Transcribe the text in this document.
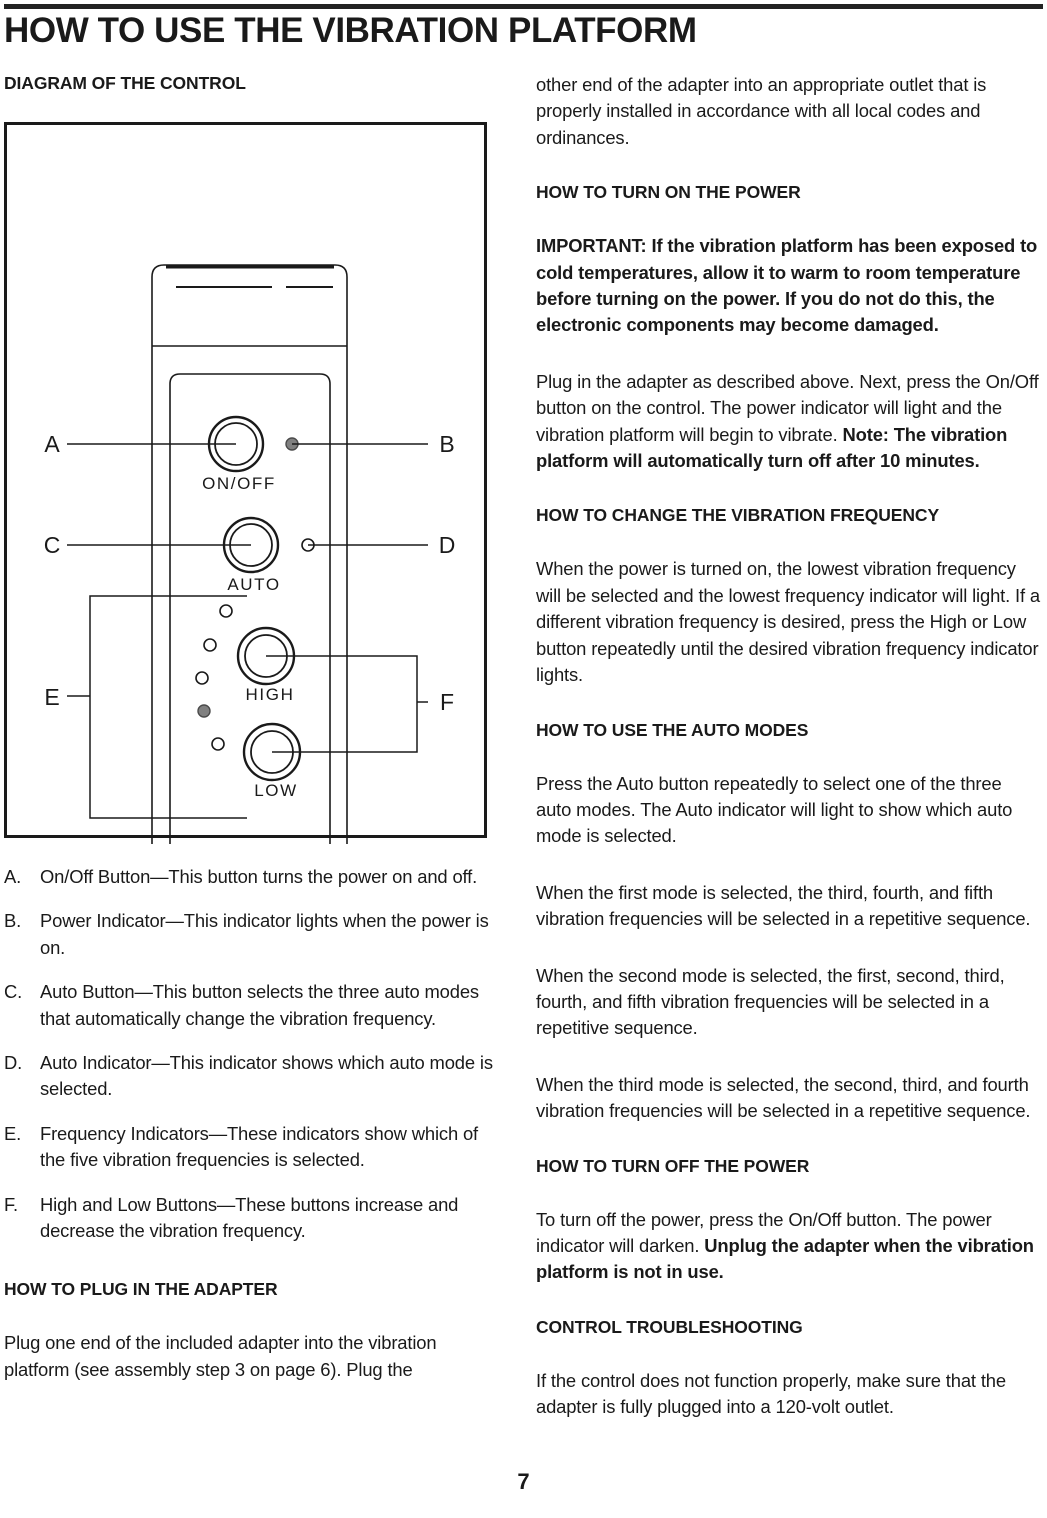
HOW TO USE THE VIBRATION PLATFORM
DIAGRAM OF THE CONTROL
ON/OFF
AUTO
HIGH
LOW
A	B
C	D
E	F
A.	On/Off Button—This button turns the power on and off.
B.	Power Indicator—This indicator lights when the power is on.
C. Auto Button—This button selects the three auto modes that automatically change the vibration frequency.
D. Auto Indicator—This indicator shows which auto mode is selected.
E.	Frequency Indicators—These indicators show which of the five vibration frequencies is selected.
F.	High and Low Buttons—These buttons increase and decrease the vibration frequency.
HOW TO PLUG IN THE ADAPTER
Plug one end of the included adapter into the vibration platform (see assembly step 3 on page 6). Plug the
other end of the adapter into an appropriate outlet that is properly installed in accordance with all local codes and ordinances.
HOW TO TURN ON THE POWER
IMPORTANT: If the vibration platform has been exposed to cold temperatures, allow it to warm to room temperature before turning on the power. If you do not do this, the electronic components may become damaged.
Plug in the adapter as described above. Next, press the On/Off button on the control. The power indicator will light and the vibration platform will begin to vibrate. Note: The vibration platform will automatically turn off after 10 minutes.
HOW TO CHANGE THE VIBRATION FREQUENCY
When the power is turned on, the lowest vibration frequency will be selected and the lowest frequency indicator will light. If a different vibration frequency is desired, press the High or Low button repeatedly until the desired vibration frequency indicator lights.
HOW TO USE THE AUTO MODES
Press the Auto button repeatedly to select one of the three auto modes. The Auto indicator will light to show which auto mode is selected.
When the first mode is selected, the third, fourth, and fifth vibration frequencies will be selected in a repetitive sequence.
When the second mode is selected, the first, second, third, fourth, and fifth vibration frequencies will be selected in a repetitive sequence.
When the third mode is selected, the second, third, and fourth vibration frequencies will be selected in a repetitive sequence.
HOW TO TURN OFF THE POWER
To turn off the power, press the On/Off button. The power indicator will darken. Unplug the adapter when the vibration platform is not in use.
CONTROL TROUBLESHOOTING
If the control does not function properly, make sure that the adapter is fully plugged into a 120-volt outlet.
7
